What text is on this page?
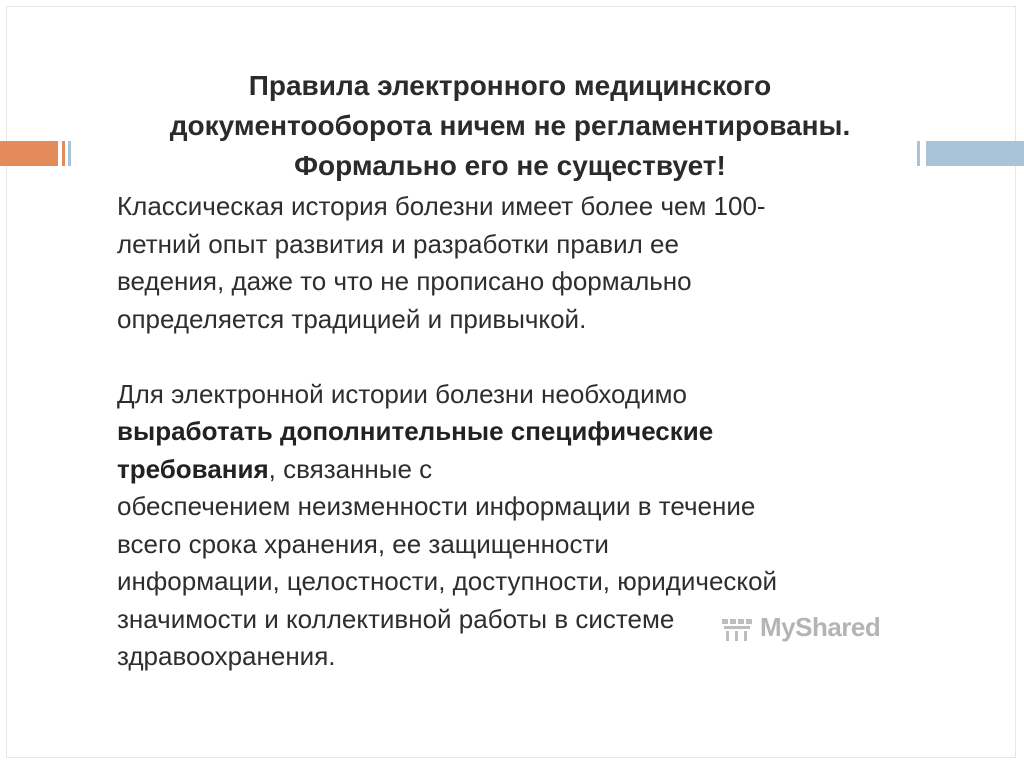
Правила электронного медицинского
документооборота ничем не регламентированы.
Формально его не существует!

Классическая история болезни имеет более чем 100-
летний опыт развития и разработки правил ее
ведения, даже то что не прописано формально
определяется традицией и привычкой.

Для электронной истории болезни необходимо
выработать дополнительные специфические
требования, связанные с
обеспечением неизменности информации в течение
всего срока хранения, ее защищенности
информации, целостности, доступности, юридической
значимости и коллективной работы в системе
здравоохранения.

MyShared
